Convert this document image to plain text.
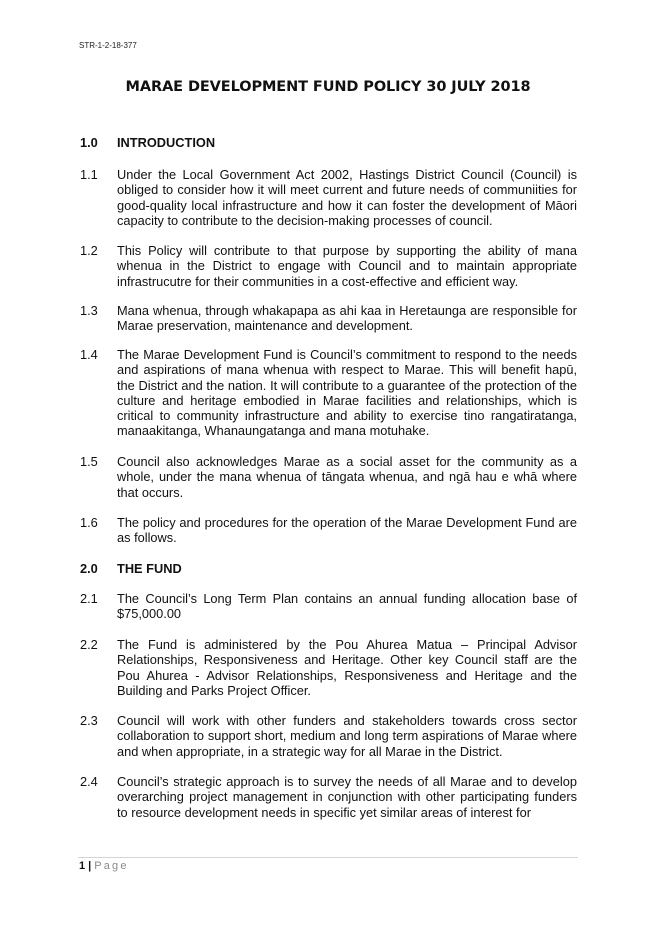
STR-1-2-18-377
MARAE DEVELOPMENT FUND POLICY 30 JULY 2018
1.0 INTRODUCTION
1.1 Under the Local Government Act 2002, Hastings District Council (Council) is obliged to consider how it will meet current and future needs of communiities for good-quality local infrastructure and how it can foster the development of Māori capacity to contribute to the decision-making processes of council.
1.2 This Policy will contribute to that purpose by supporting the ability of mana whenua in the District to engage with Council and to maintain appropriate infrastrucutre for their communities in a cost-effective and efficient way.
1.3 Mana whenua, through whakapapa as ahi kaa in Heretaunga are responsible for Marae preservation, maintenance and development.
1.4 The Marae Development Fund is Council’s commitment to respond to the needs and aspirations of mana whenua with respect to Marae. This will benefit hapū, the District and the nation. It will contribute to a guarantee of the protection of the culture and heritage embodied in Marae facilities and relationships, which is critical to community infrastructure and ability to exercise tino rangatiratanga, manaakitanga, Whanaungatanga and mana motuhake.
1.5 Council also acknowledges Marae as a social asset for the community as a whole, under the mana whenua of tāngata whenua, and ngā hau e whā where that occurs.
1.6 The policy and procedures for the operation of the Marae Development Fund are as follows.
2.0 THE FUND
2.1 The Council’s Long Term Plan contains an annual funding allocation base of $75,000.00
2.2 The Fund is administered by the Pou Ahurea Matua – Principal Advisor Relationships, Responsiveness and Heritage. Other key Council staff are the Pou Ahurea - Advisor Relationships, Responsiveness and Heritage and the Building and Parks Project Officer.
2.3 Council will work with other funders and stakeholders towards cross sector collaboration to support short, medium and long term aspirations of Marae where and when appropriate, in a strategic way for all Marae in the District.
2.4 Council’s strategic approach is to survey the needs of all Marae and to develop overarching project management in conjunction with other participating funders to resource development needs in specific yet similar areas of interest for
1 | Page
